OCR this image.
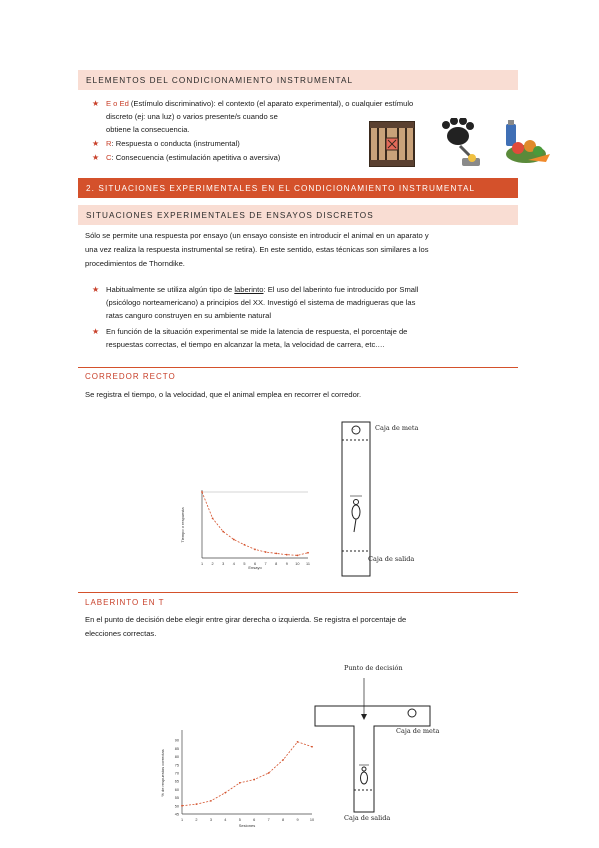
ELEMENTOS DEL CONDICIONAMIENTO INSTRUMENTAL
★ E o Ed (Estímulo discriminativo): el contexto (el aparato experimental), o cualquier estímulo
discreto (ej: una luz) o varios presente/s cuando se
obtiene la consecuencia.
★ R: Respuesta o conducta (instrumental)
★ C: Consecuencia (estimulación apetitiva o aversiva)
2. SITUACIONES EXPERIMENTALES EN EL CONDICIONAMIENTO INSTRUMENTAL
SITUACIONES EXPERIMENTALES DE ENSAYOS DISCRETOS
Sólo se permite una respuesta por ensayo (un ensayo consiste en introducir el animal en un aparato y
una vez realiza la respuesta instrumental se retira). En este sentido, estas técnicas son similares a los
procedimientos de Thorndike.
★ Habitualmente se utiliza algún tipo de laberinto: El uso del laberinto fue introducido por Small
(psicólogo norteamericano) a principios del XX. Investigó el sistema de madrigueras que las
ratas canguro construyen en su ambiente natural
★ En función de la situación experimental se mide la latencia de respuesta, el porcentaje de
respuestas correctas, el tiempo en alcanzar la meta, la velocidad de carrera, etc.…
CORREDOR RECTO
Se registra el tiempo, o la velocidad, que el animal emplea en recorrer el corredor.
ᵕ	Caja de meta
Caja de salida
1 2 3 4 5 6 7 8 9 10 11
Ensayo
Tiempo o respuesta
LABERINTO EN T
En el punto de decisión debe elegir entre girar derecha o izquierda. Se registra el porcentaje de
elecciones correctas.
Punto de decisión
Caja de meta
Caja de salida
1	2	3	4	5	6	7	8	9	10
45
50
55
60
65
70
75
80
85
90
Sesiones
% de respuestas correctas
